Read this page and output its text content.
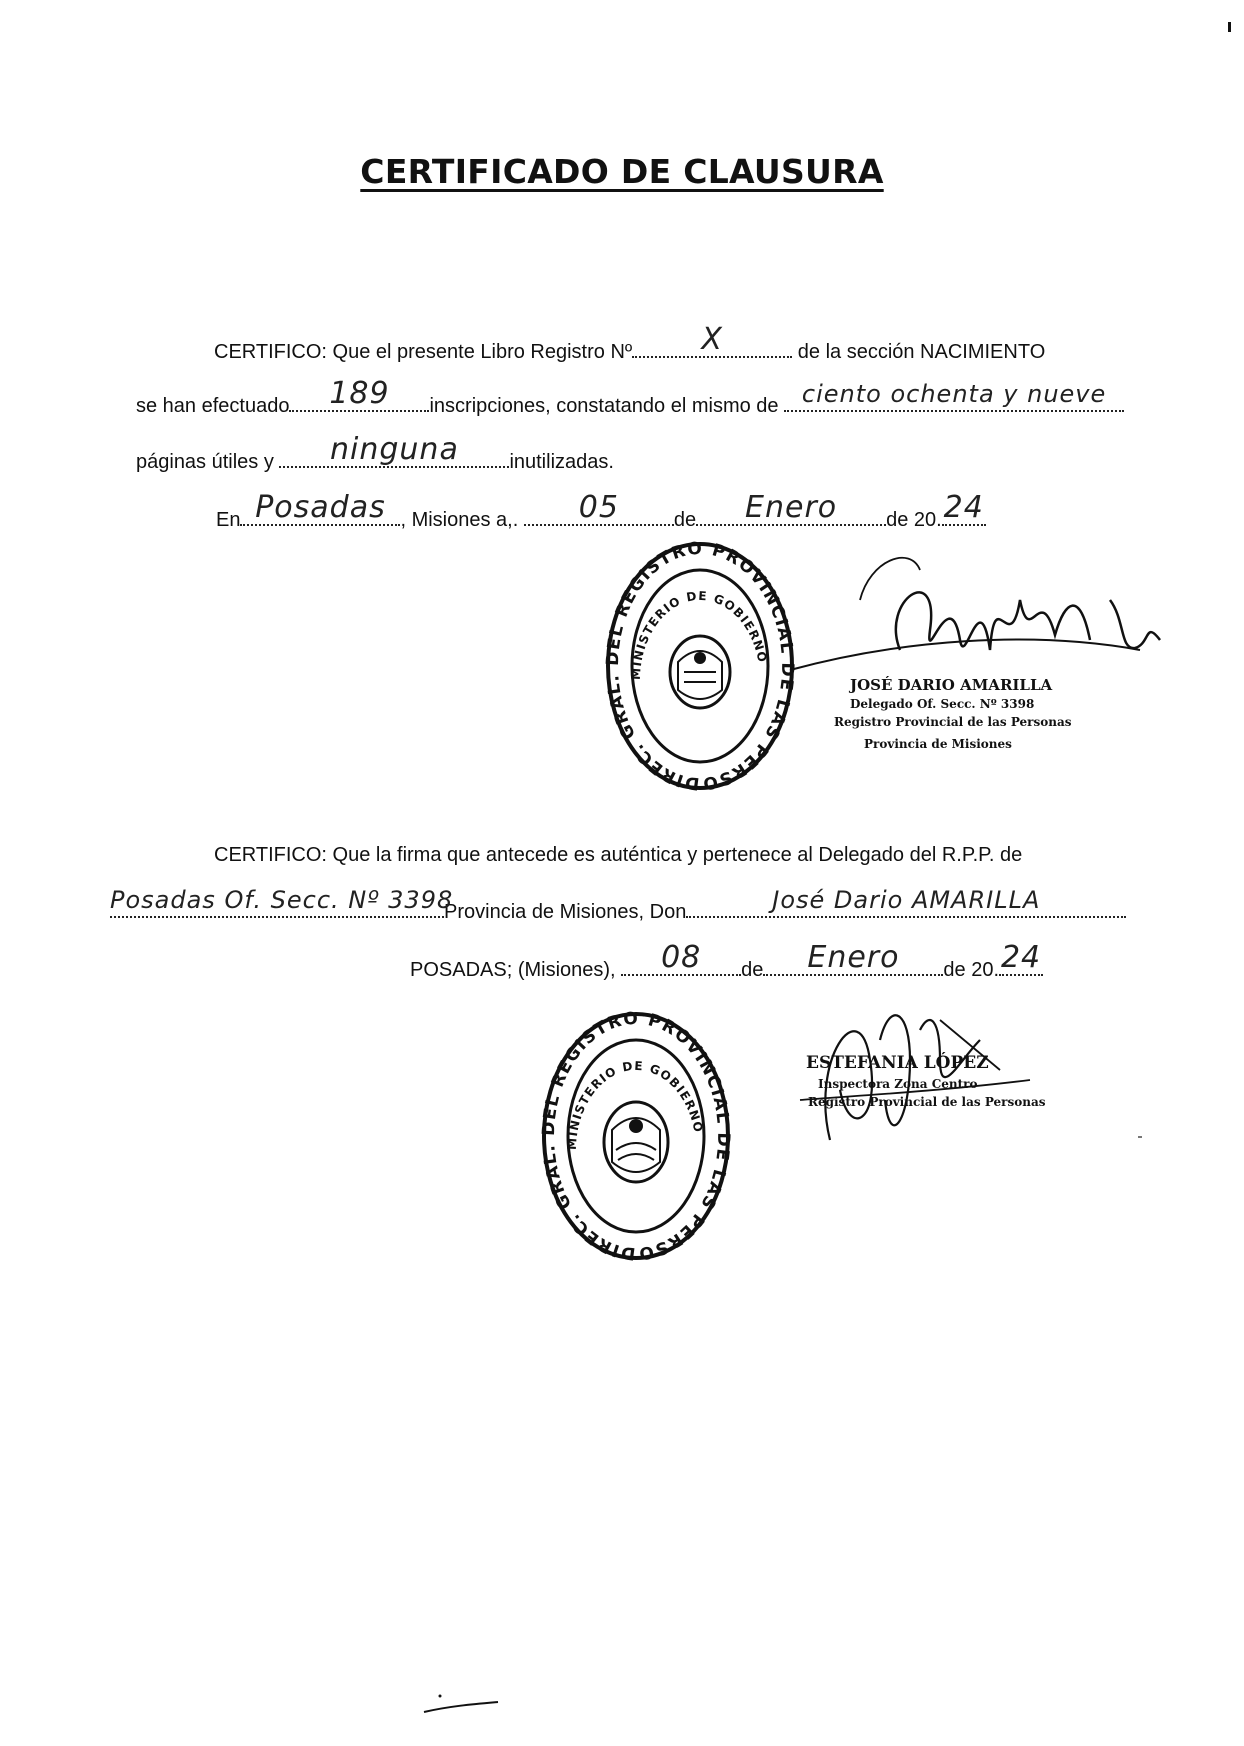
CERTIFICADO DE CLAUSURA
CERTIFICO: Que el presente Libro Registro Nº	X	de la sección NACIMIENTO
se han efectuado	189	inscripciones, constatando el mismo de ciento ochenta y nueve
páginas útiles y	ninguna	inutilizadas.
En Posadas , Misiones a,.	05	de	Enero	de 20. 24
DIREC. GRAL. DEL REGISTRO PROVINCIAL DE LAS PERSONAS -
MINISTERIO DE GOBIERNO
JOSÉ DARIO AMARILLA
Delegado Of. Secc. Nº 3398
Registro Provincial de las Personas
Provincia de Misiones
CERTIFICO: Que la firma que antecede es auténtica y pertenece al Delegado del R.P.P. de
Posadas Of. Secc. Nº 3398
Provincia de Misiones, Don	José Dario AMARILLA
POSADAS; (Misiones),	08	de	Enero	de 20. 24
DIREC. GRAL. DEL REGISTRO PROVINCIAL DE LAS PERSONAS
MINISTERIO DE GOBIERNO
ESTEFANIA LÓPEZ
Inspectora Zona Centro
Registro Provincial de las Personas
